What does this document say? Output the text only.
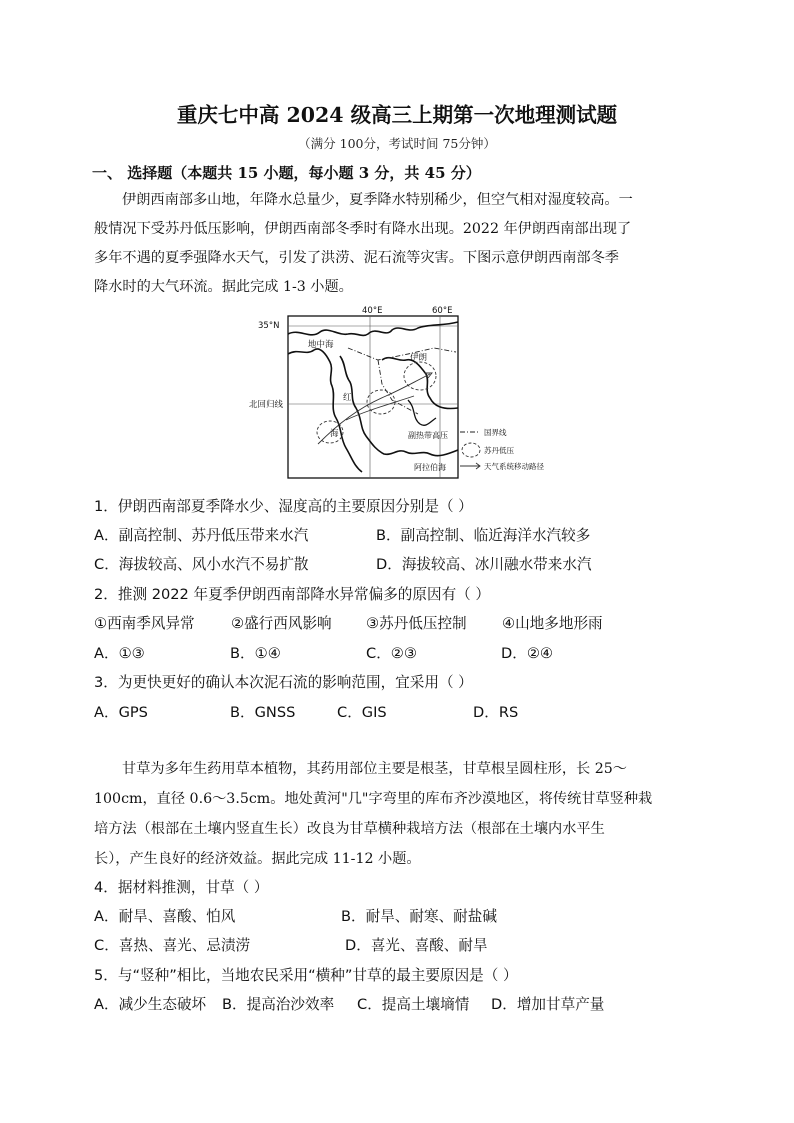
重庆七中高 2024 级高三上期第一次地理测试题
（满分 100分，考试时间 75分钟）
一、 选择题（本题共 15 小题，每小题 3 分，共 45 分）
伊朗西南部多山地，年降水总量少，夏季降水特别稀少，但空气相对湿度较高。一
般情况下受苏丹低压影响，伊朗西南部冬季时有降水出现。2022 年伊朗西南部出现了
多年不遇的夏季强降水天气，引发了洪涝、泥石流等灾害。下图示意伊朗西南部冬季
降水时的大气环流。据此完成 1-3 小题。
35°N
40°E	60°E
北回归线
地中海
伊朗
红
海	副热带高压
阿拉伯海
国界线
苏丹低压
天气系统移动路径
1．伊朗西南部夏季降水少、湿度高的主要原因分别是（ ）
A．副高控制、苏丹低压带来水汽	B．副高控制、临近海洋水汽较多
C．海拔较高、风小水汽不易扩散	D．海拔较高、冰川融水带来水汽
2．推测 2022 年夏季伊朗西南部降水异常偏多的原因有（ ）
①西南季风异常 ②盛行西风影响 ③苏丹低压控制 ④山地多地形雨
A．①③	B．①④	C．②③	D．②④
3．为更快更好的确认本次泥石流的影响范围，宜采用（ ）
A．GPS	B．GNSS	C．GIS	D．RS
甘草为多年生药用草本植物，其药用部位主要是根茎，甘草根呈圆柱形，长 25～
100cm，直径 0.6～3.5cm。地处黄河"几"字弯里的库布齐沙漠地区，将传统甘草竖种栽
培方法（根部在土壤内竖直生长）改良为甘草横种栽培方法（根部在土壤内水平生
长），产生良好的经济效益。据此完成 11-12 小题。
4．据材料推测，甘草（ ）
A．耐旱、喜酸、怕风	B．耐旱、耐寒、耐盐碱
C．喜热、喜光、忌渍涝	D．喜光、喜酸、耐旱
5．与“竖种”相比，当地农民采用“横种”甘草的最主要原因是（ ）
A．减少生态破坏 B．提高治沙效率 C．提高土壤墒情 D．增加甘草产量
